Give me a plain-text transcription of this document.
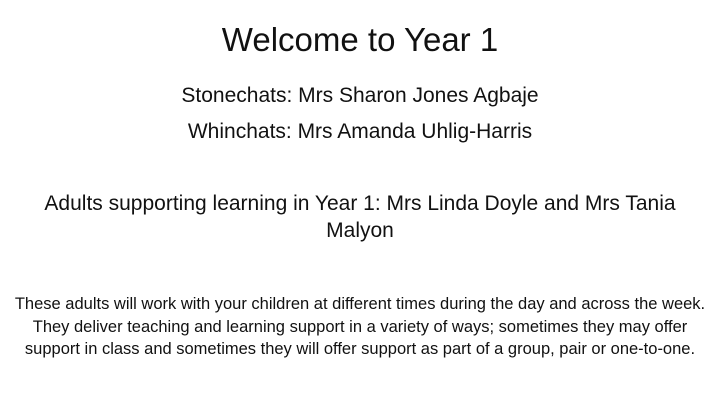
Welcome to Year 1

Stonechats: Mrs Sharon Jones Agbaje

Whinchats: Mrs Amanda Uhlig-Harris

Adults supporting learning in Year 1: Mrs Linda Doyle and Mrs Tania Malyon

These adults will work with your children at different times during the day and across the week. They deliver teaching and learning support in a variety of ways; sometimes they may offer support in class and sometimes they will offer support as part of a group, pair or one-to-one.
